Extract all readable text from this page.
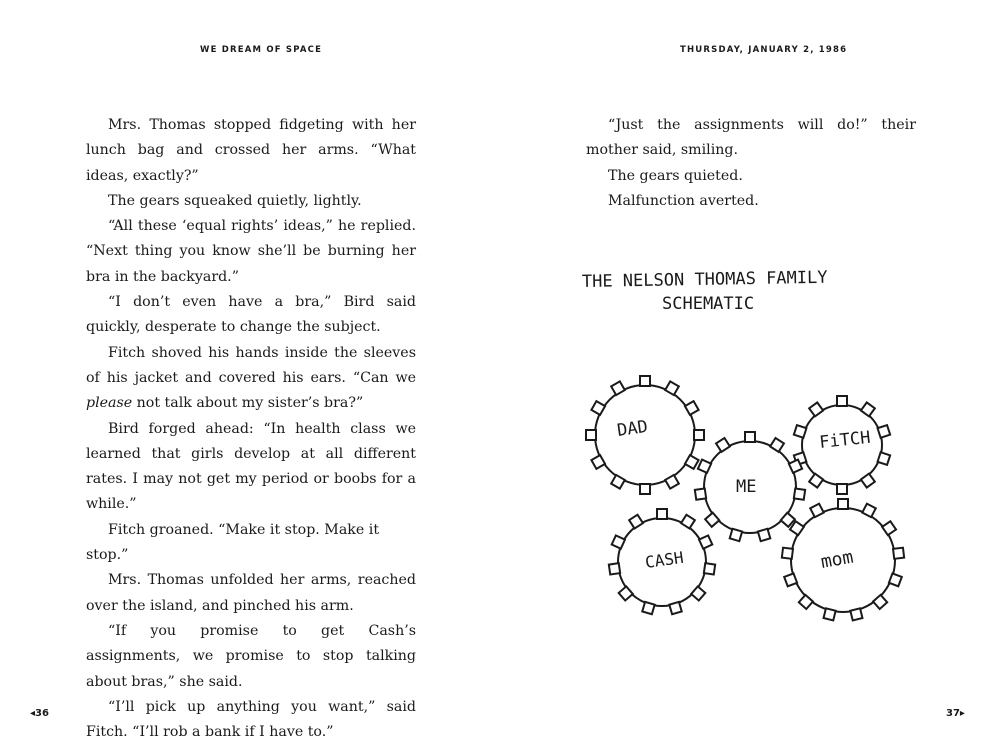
WE DREAM OF SPACE

Mrs. Thomas stopped fidgeting with her lunch bag and crossed her arms. “What ideas, exactly?”

The gears squeaked quietly, lightly.

“All these ‘equal rights’ ideas,” he replied. “Next thing you know she’ll be burning her bra in the backyard.”

“I don’t even have a bra,” Bird said quickly, desperate to change the subject.

Fitch shoved his hands inside the sleeves of his jacket and covered his ears. “Can we please not talk about my sister’s bra?”

Bird forged ahead: “In health class we learned that girls develop at all different rates. I may not get my period or boobs for a while.”

Fitch groaned. “Make it stop. Make it stop.”

Mrs. Thomas unfolded her arms, reached over the island, and pinched his arm.

“If you promise to get Cash’s assignments, we promise to stop talking about bras,” she said.

“I’ll pick up anything you want,” said Fitch. “I’ll rob a bank if I have to.”

◂36
THURSDAY, JANUARY 2, 1986

“Just the assignments will do!” their mother said, smiling.

The gears quieted.

Malfunction averted.

THE NELSON THOMAS FAMILY
SCHEMATIC
DAD	FiTCH
ME
CASH	mom
37▸
